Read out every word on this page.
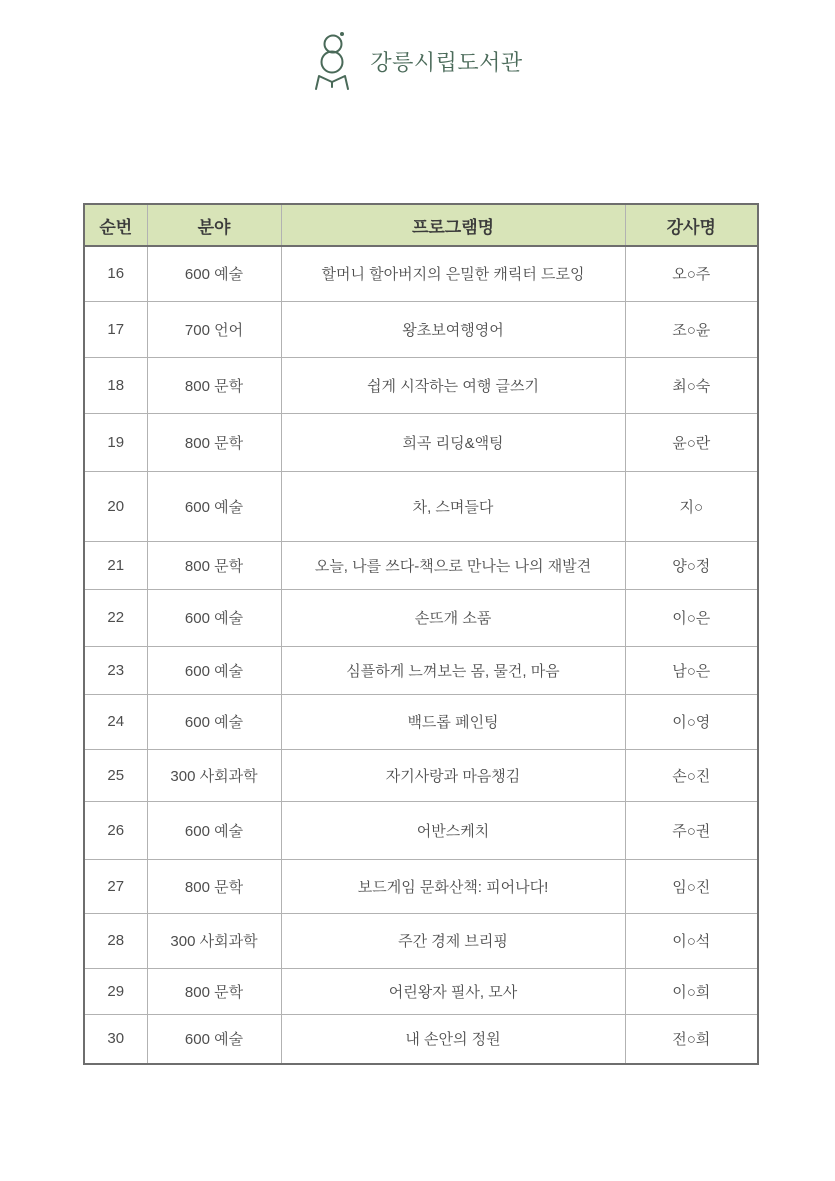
강릉시립도서관
순번	분야	프로그램명	강사명
16	600 예술	할머니 할아버지의 은밀한 캐릭터 드로잉	오○주
17	700 언어	왕초보여행영어	조○윤
18	800 문학	쉽게 시작하는 여행 글쓰기	최○숙
19	800 문학	희곡 리딩&액팅	윤○란
20	600 예술	차, 스며들다	지○
21	800 문학	오늘, 나를 쓰다-책으로 만나는 나의 재발견	양○정
22	600 예술	손뜨개 소품	이○은
23	600 예술	심플하게 느껴보는 몸, 물건, 마음	남○은
24	600 예술	백드롭 페인팅	이○영
25	300 사회과학	자기사랑과 마음챙김	손○진
26	600 예술	어반스케치	주○권
27	800 문학	보드게임 문화산책: 피어나다!	임○진
28	300 사회과학	주간 경제 브리핑	이○석
29	800 문학	어린왕자 필사, 모사	이○희
30	600 예술	내 손안의 정원	전○희
